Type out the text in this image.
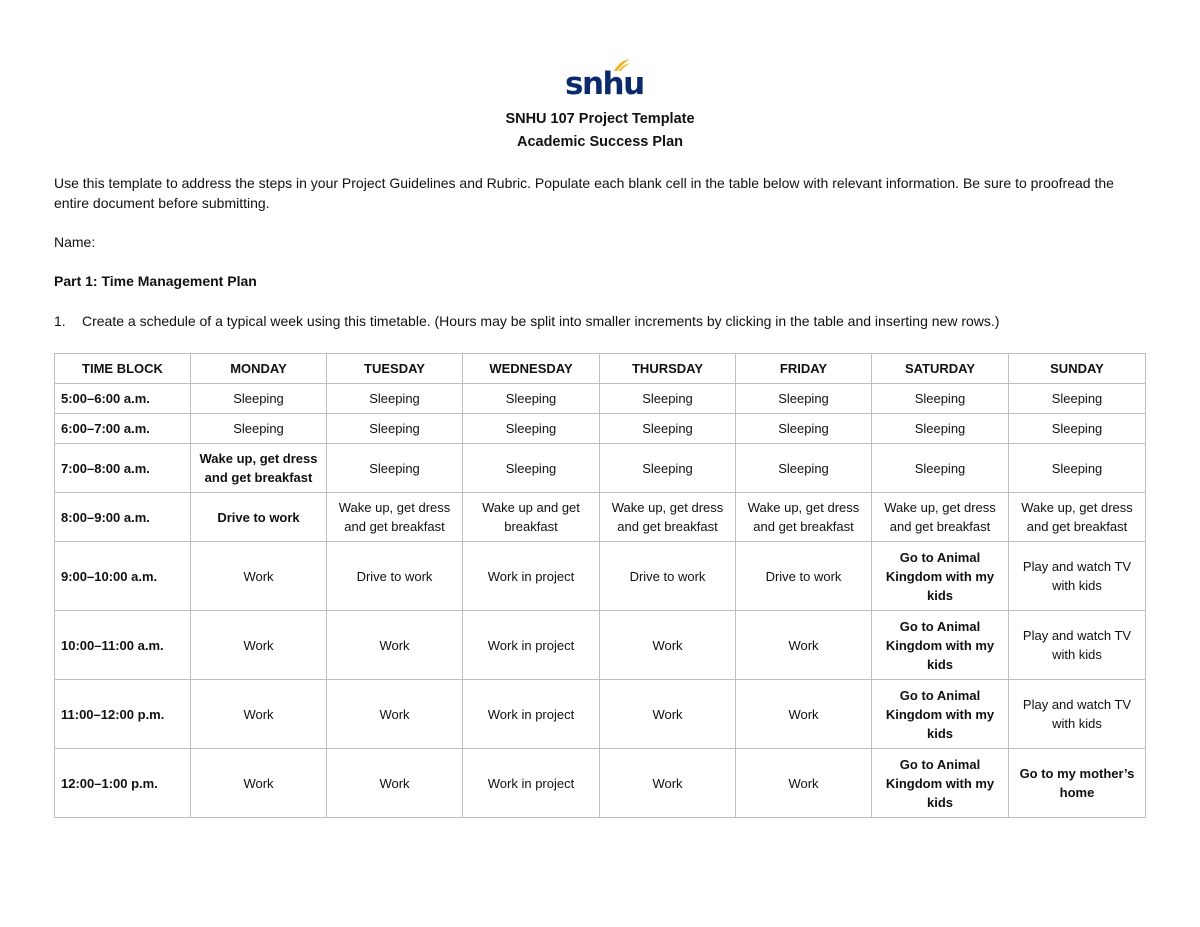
snhu
SNHU 107 Project Template
Academic Success Plan
Use this template to address the steps in your Project Guidelines and Rubric. Populate each blank cell in the table below with relevant information. Be sure to proofread the entire document before submitting.
Name:
Part 1: Time Management Plan
1. Create a schedule of a typical week using this timetable. (Hours may be split into smaller increments by clicking in the table and inserting new rows.)
TIME BLOCK	MONDAY	TUESDAY	WEDNESDAY	THURSDAY	FRIDAY	SATURDAY	SUNDAY
5:00–6:00 a.m.	Sleeping	Sleeping	Sleeping	Sleeping	Sleeping	Sleeping	Sleeping
6:00–7:00 a.m.	Sleeping	Sleeping	Sleeping	Sleeping	Sleeping	Sleeping	Sleeping
7:00–8:00 a.m.	Wake up, get dress and get breakfast	Sleeping	Sleeping	Sleeping	Sleeping	Sleeping	Sleeping
8:00–9:00 a.m.	Drive to work	Wake up, get dress and get breakfast	Wake up and get breakfast	Wake up, get dress and get breakfast	Wake up, get dress and get breakfast	Wake up, get dress and get breakfast	Wake up, get dress and get breakfast
9:00–10:00 a.m.	Work	Drive to work	Work in project	Drive to work	Drive to work	Go to Animal Kingdom with my kids	Play and watch TV with kids
10:00–11:00 a.m.	Work	Work	Work in project	Work	Work	Go to Animal Kingdom with my kids	Play and watch TV with kids
11:00–12:00 p.m.	Work	Work	Work in project	Work	Work	Go to Animal Kingdom with my kids	Play and watch TV with kids
12:00–1:00 p.m.	Work	Work	Work in project	Work	Work	Go to Animal Kingdom with my kids	Go to my mother’s home
